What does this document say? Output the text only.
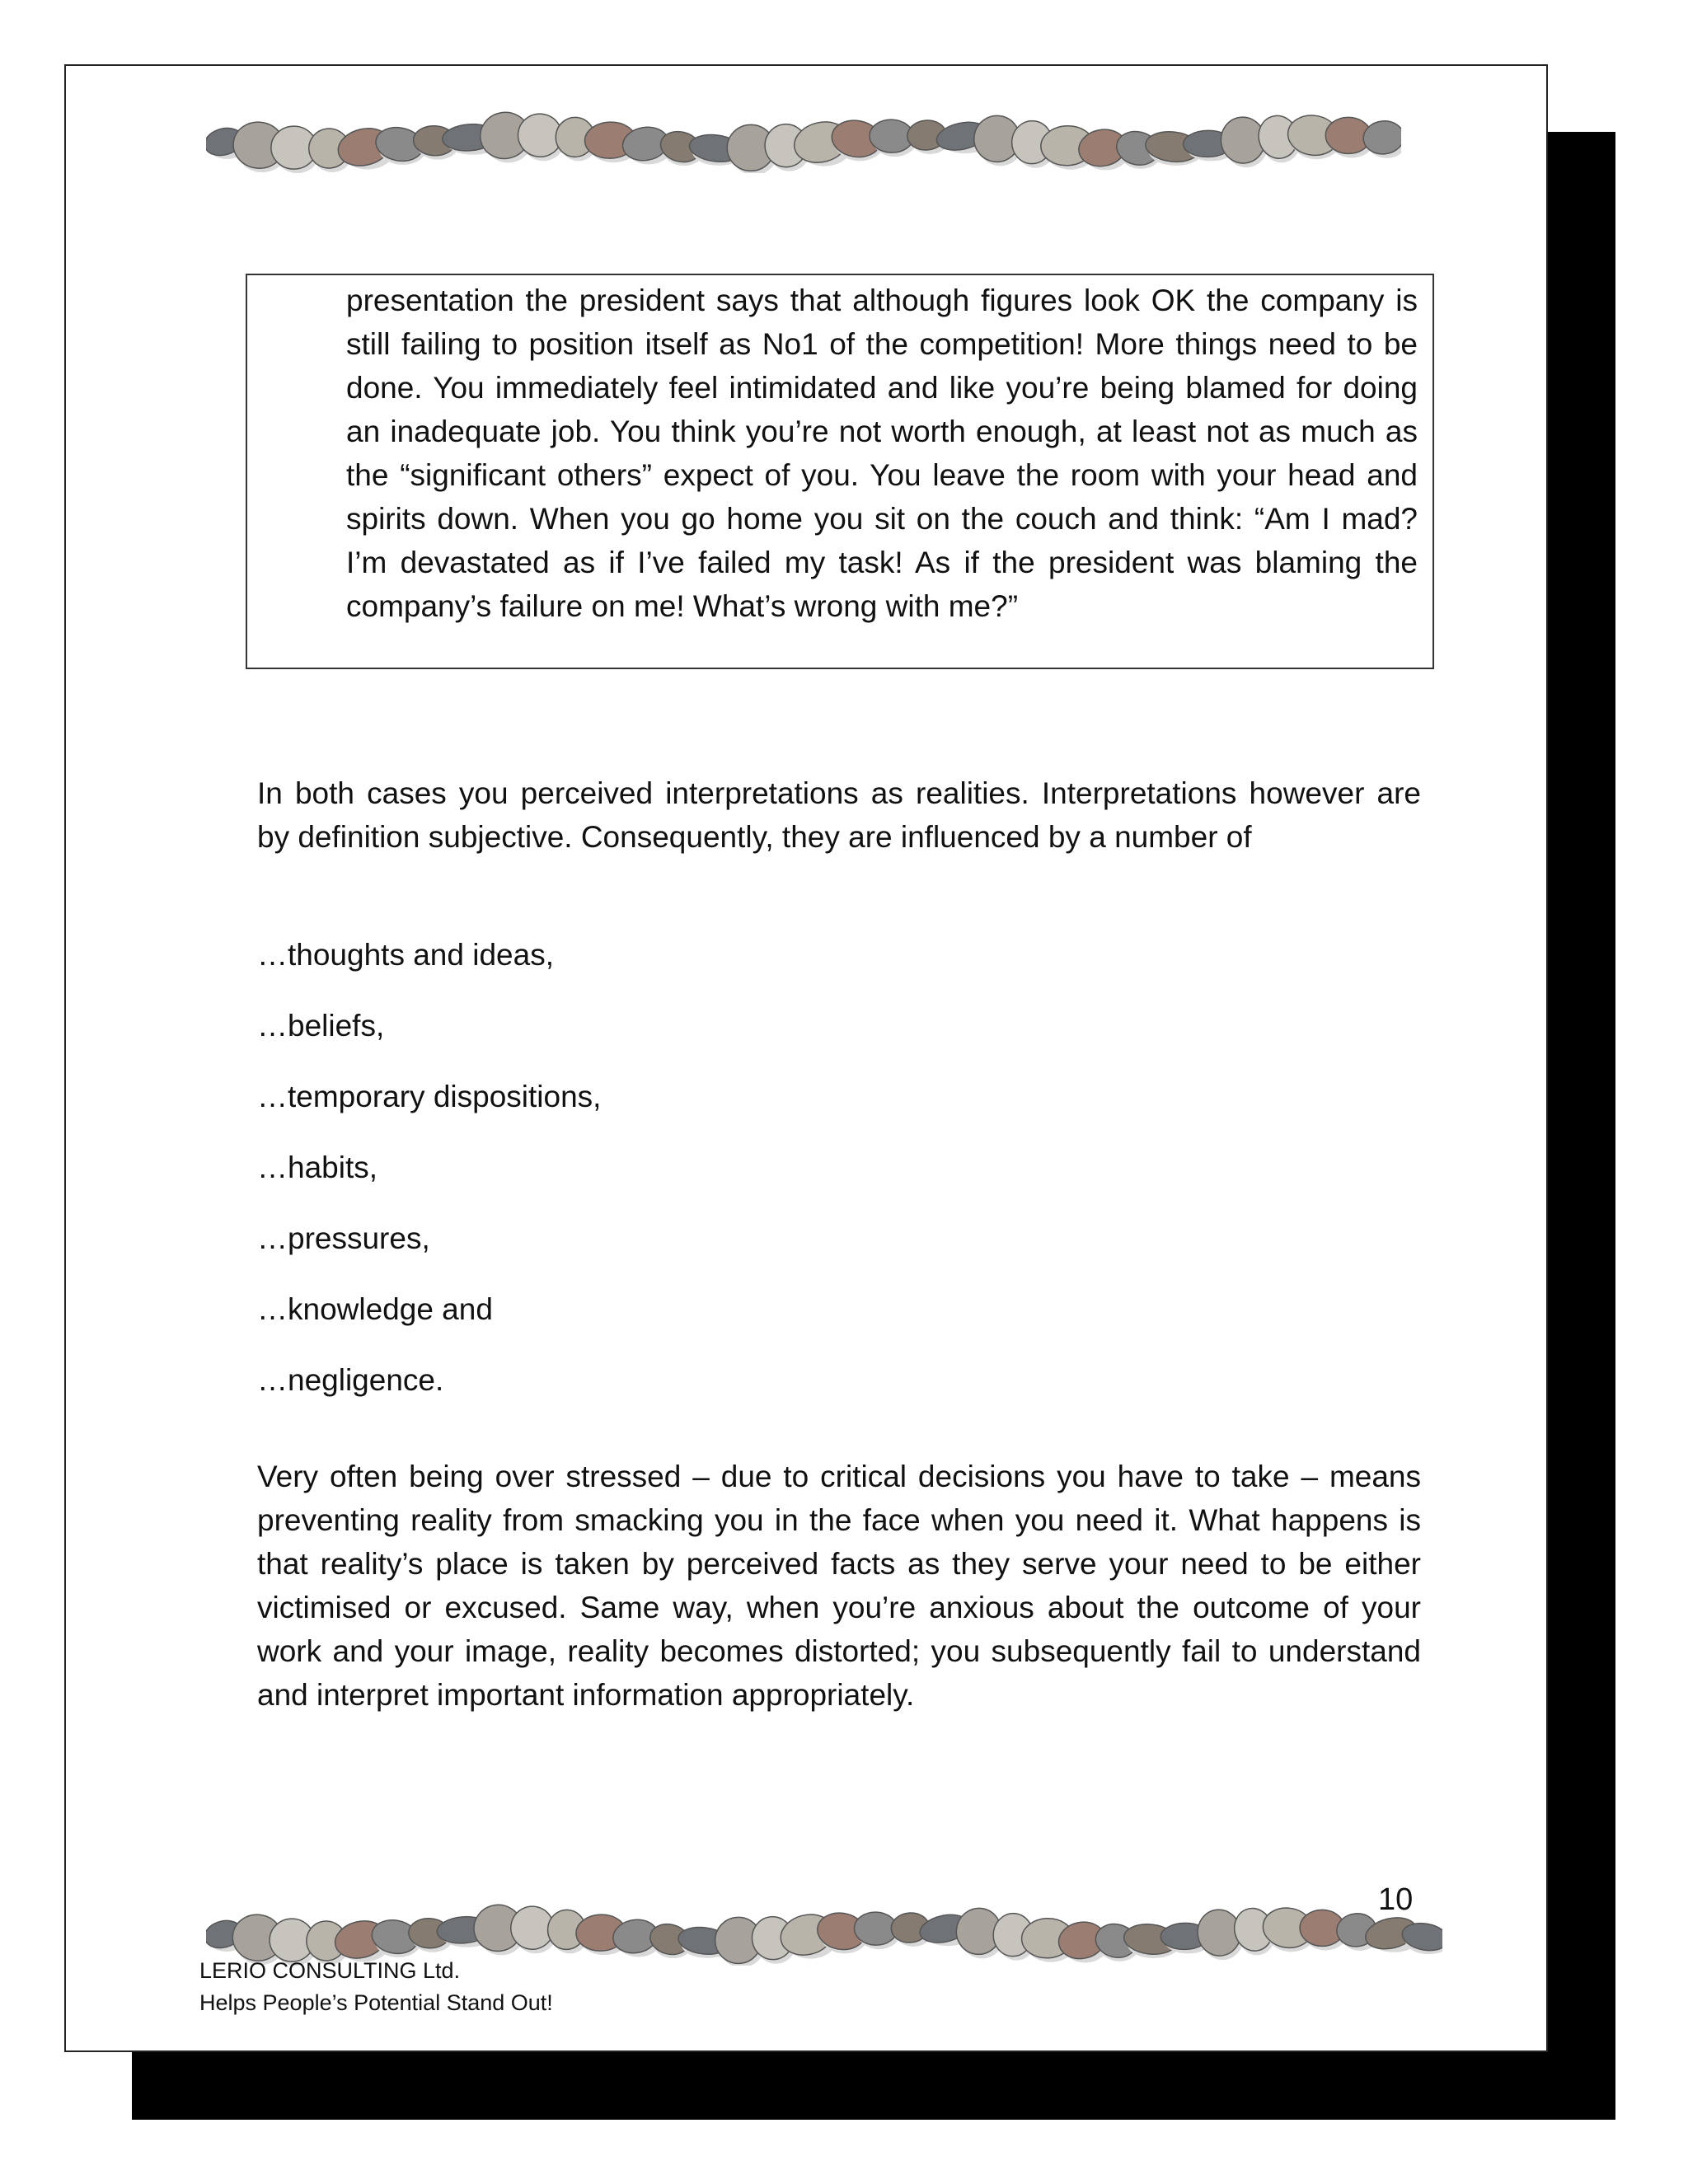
presentation the president says that although figures look OK the company is still failing to position itself as No1 of the competition! More things need to be done. You immediately feel intimidated and like you’re being blamed for doing an inadequate job. You think you’re not worth enough, at least not as much as the “significant others” expect of you. You leave the room with your head and spirits down. When you go home you sit on the couch and think: “Am I mad? I’m devastated as if I’ve failed my task! As if the president was blaming the company’s failure on me! What’s wrong with me?”

In both cases you perceived interpretations as realities. Interpretations however are by definition subjective. Consequently, they are influenced by a number of

…thoughts and ideas,
…beliefs,
…temporary dispositions,
…habits,
…pressures,
…knowledge and
…negligence.

Very often being over stressed – due to critical decisions you have to take – means preventing reality from smacking you in the face when you need it. What happens is that reality’s place is taken by perceived facts as they serve your need to be either victimised or excused. Same way, when you’re anxious about the outcome of your work and your image, reality becomes distorted; you subsequently fail to understand and interpret important information appropriately.

10
LERIO CONSULTING Ltd.
Helps People’s Potential Stand Out!
